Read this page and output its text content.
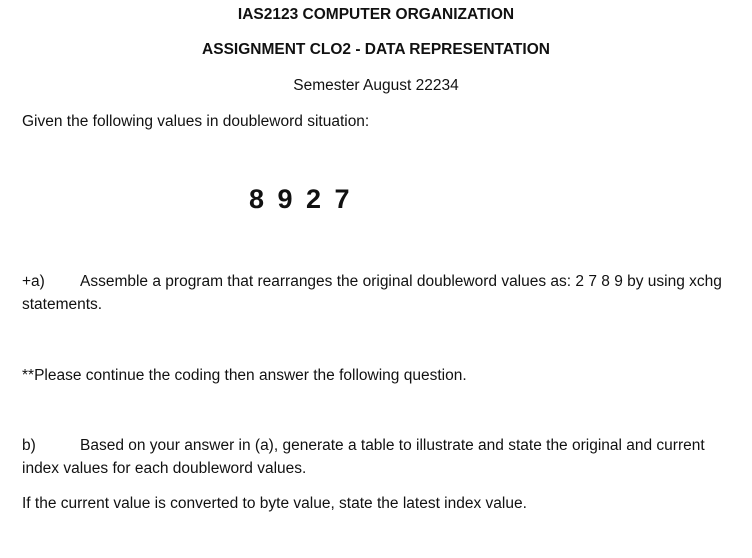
IAS2123 COMPUTER ORGANIZATION
ASSIGNMENT CLO2 - DATA REPRESENTATION
Semester August 22234
Given the following values in doubleword situation:
8 9 2 7
+a) Assemble a program that rearranges the original doubleword values as: 2 7 8 9 by using xchg
statements.
**Please continue the coding then answer the following question.
b)	Based on your answer in (a), generate a table to illustrate and state the original and current
index values for each doubleword values.
If the current value is converted to byte value, state the latest index value.
